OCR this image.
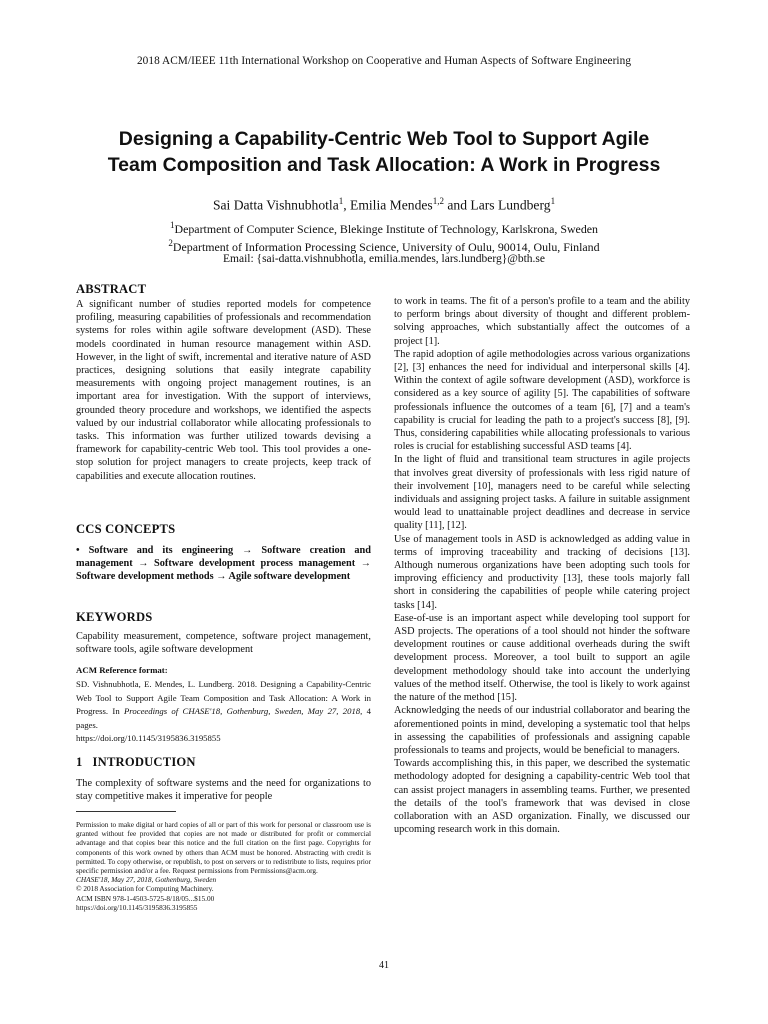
2018 ACM/IEEE 11th International Workshop on Cooperative and Human Aspects of Software Engineering
Designing a Capability-Centric Web Tool to Support Agile
Team Composition and Task Allocation: A Work in Progress
Sai Datta Vishnubhotla$^1$, Emilia Mendes$^{1,2}$ and Lars Lundberg$^1$
$^1$Department of Computer Science, Blekinge Institute of Technology, Karlskrona, Sweden
$^2$Department of Information Processing Science, University of Oulu, 90014, Oulu, Finland
Email: {sai-datta.vishnubhotla, emilia.mendes, lars.lundberg}@bth.se
ABSTRACT

A significant number of studies reported models for competence profiling, measuring capabilities of professionals and recommendation systems for roles within agile software development (ASD). These models coordinated in human resource management within ASD. However, in the light of swift, incremental and iterative nature of ASD practices, designing solutions that easily integrate capability measurements with ongoing project management routines, is an important area for investigation. With the support of interviews, grounded theory procedure and workshops, we identified the aspects valued by our industrial collaborator while allocating professionals to tasks. This information was further utilized towards devising a framework for capability-centric Web tool. This tool provides a one-stop solution for project managers to create projects, keep track of capabilities and execute allocation routines.

CCS CONCEPTS

• Software and its engineering → Software creation and management → Software development process management → Software development methods → Agile software development

KEYWORDS

Capability measurement, competence, software project management, software tools, agile software development

ACM Reference format:
SD. Vishnubhotla, E. Mendes, L. Lundberg. 2018. Designing a Capability-Centric Web Tool to Support Agile Team Composition and Task Allocation: A Work in Progress. In Proceedings of CHASE'18, Gothenburg, Sweden, May 27, 2018, 4 pages.
https://doi.org/10.1145/3195836.3195855
1 INTRODUCTION

The complexity of software systems and the need for organizations to stay competitive makes it imperative for people

Permission to make digital or hard copies of all or part of this work for personal or classroom use is granted without fee provided that copies are not made or distributed for profit or commercial advantage and that copies bear this notice and the full citation on the first page. Copyrights for components of this work owned by others than ACM must be honored. Abstracting with credit is permitted. To copy otherwise, or republish, to post on servers or to redistribute to lists, requires prior specific permission and/or a fee. Request permissions from Permissions@acm.org.
CHASE'18, May 27, 2018, Gothenburg, Sweden
© 2018 Association for Computing Machinery.
ACM ISBN 978-1-4503-5725-8/18/05...$15.00
https://doi.org/10.1145/3195836.3195855

to work in teams. The fit of a person's profile to a team and the ability to perform brings about diversity of thought and different problem-solving approaches, which substantially affect the outcomes of a project [1].

The rapid adoption of agile methodologies across various organizations [2], [3] enhances the need for individual and interpersonal skills [4]. Within the context of agile software development (ASD), workforce is considered as a key source of agility [5]. The capabilities of software professionals influence the outcomes of a team [6], [7] and a team's capability is crucial for leading the path to a project's success [8], [9]. Thus, considering capabilities while allocating professionals to various roles is crucial for establishing successful ASD teams [4].

In the light of fluid and transitional team structures in agile projects that involves great diversity of professionals with less rigid nature of their involvement [10], managers need to be careful while selecting individuals and assigning project tasks. A failure in suitable assignment would lead to unattainable project deadlines and decrease in service quality [11], [12].

Use of management tools in ASD is acknowledged as adding value in terms of improving traceability and tracking of decisions [13]. Although numerous organizations have been adopting such tools for improving efficiency and productivity [13], these tools majorly fall short in considering the capabilities of people while catering project tasks [14].

Ease-of-use is an important aspect while developing tool support for ASD projects. The operations of a tool should not hinder the software development routines or cause additional overheads during the swift development process. Moreover, a tool built to support an agile development methodology should take into account the underlying values of the method itself. Otherwise, the tool is likely to work against the nature of the method [15].

Acknowledging the needs of our industrial collaborator and bearing the aforementioned points in mind, developing a systematic tool that helps in assessing the capabilities of professionals and assigning capable professionals to teams and projects, would be beneficial to managers.

Towards accomplishing this, in this paper, we described the systematic methodology adopted for designing a capability-centric Web tool that can assist project managers in assembling teams. Further, we presented the details of the tool's framework that was devised in close collaboration with an ASD organization. Finally, we discussed our upcoming research work in this domain.

41
